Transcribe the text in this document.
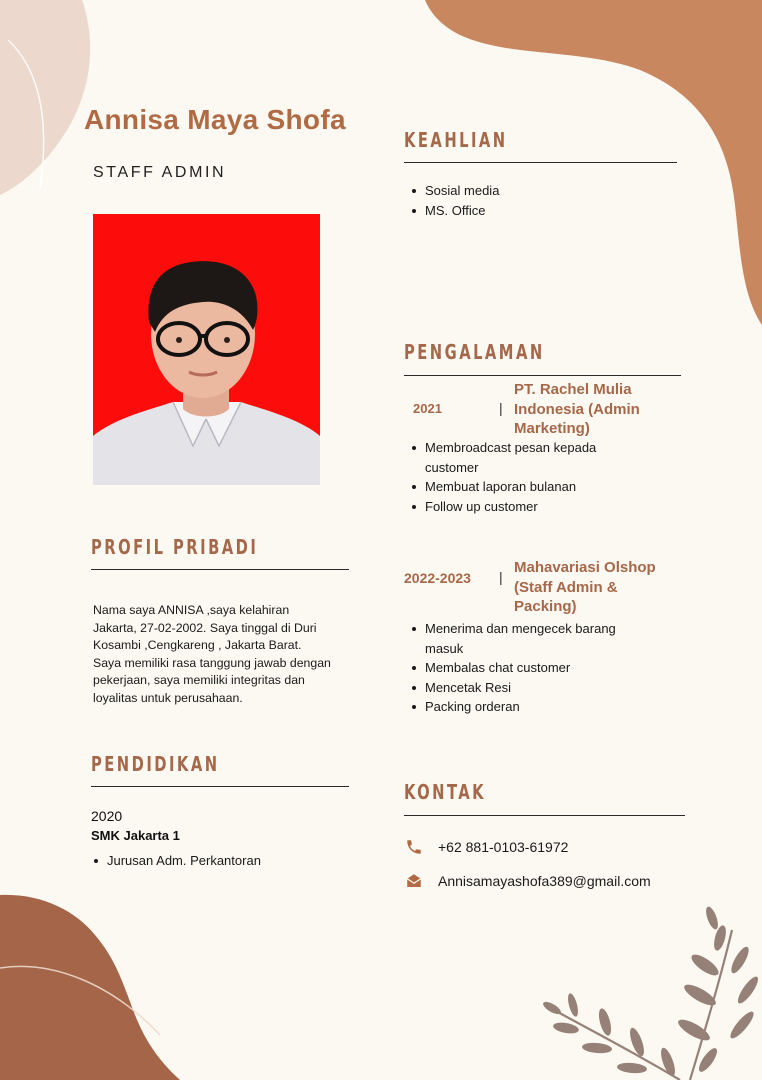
Annisa Maya Shofa
STAFF ADMIN
PROFIL PRIBADI

Nama saya ANNISA ,saya kelahiran Jakarta, 27-02-2002. Saya tinggal di Duri Kosambi ,Cengkareng , Jakarta Barat.

Saya memiliki rasa tanggung jawab dengan pekerjaan, saya memiliki integritas dan loyalitas untuk perusahaan.

PENDIDIKAN
2020
SMK Jakarta 1
Jurusan Adm. Perkantoran
KEAHLIAN
Sosial media
MS. Office
PENGALAMAN
2021	|
PT. Rachel Mulia Indonesia (Admin Marketing)
Membroadcast pesan kepada customer
Membuat laporan bulanan
Follow up customer
2022-2023 |
Mahavariasi Olshop (Staff Admin & Packing)
Menerima dan mengecek barang masuk
Membalas chat customer
Mencetak Resi
Packing orderan
KONTAK
+62 881-0103-61972
Annisamayashofa389@gmail.com
